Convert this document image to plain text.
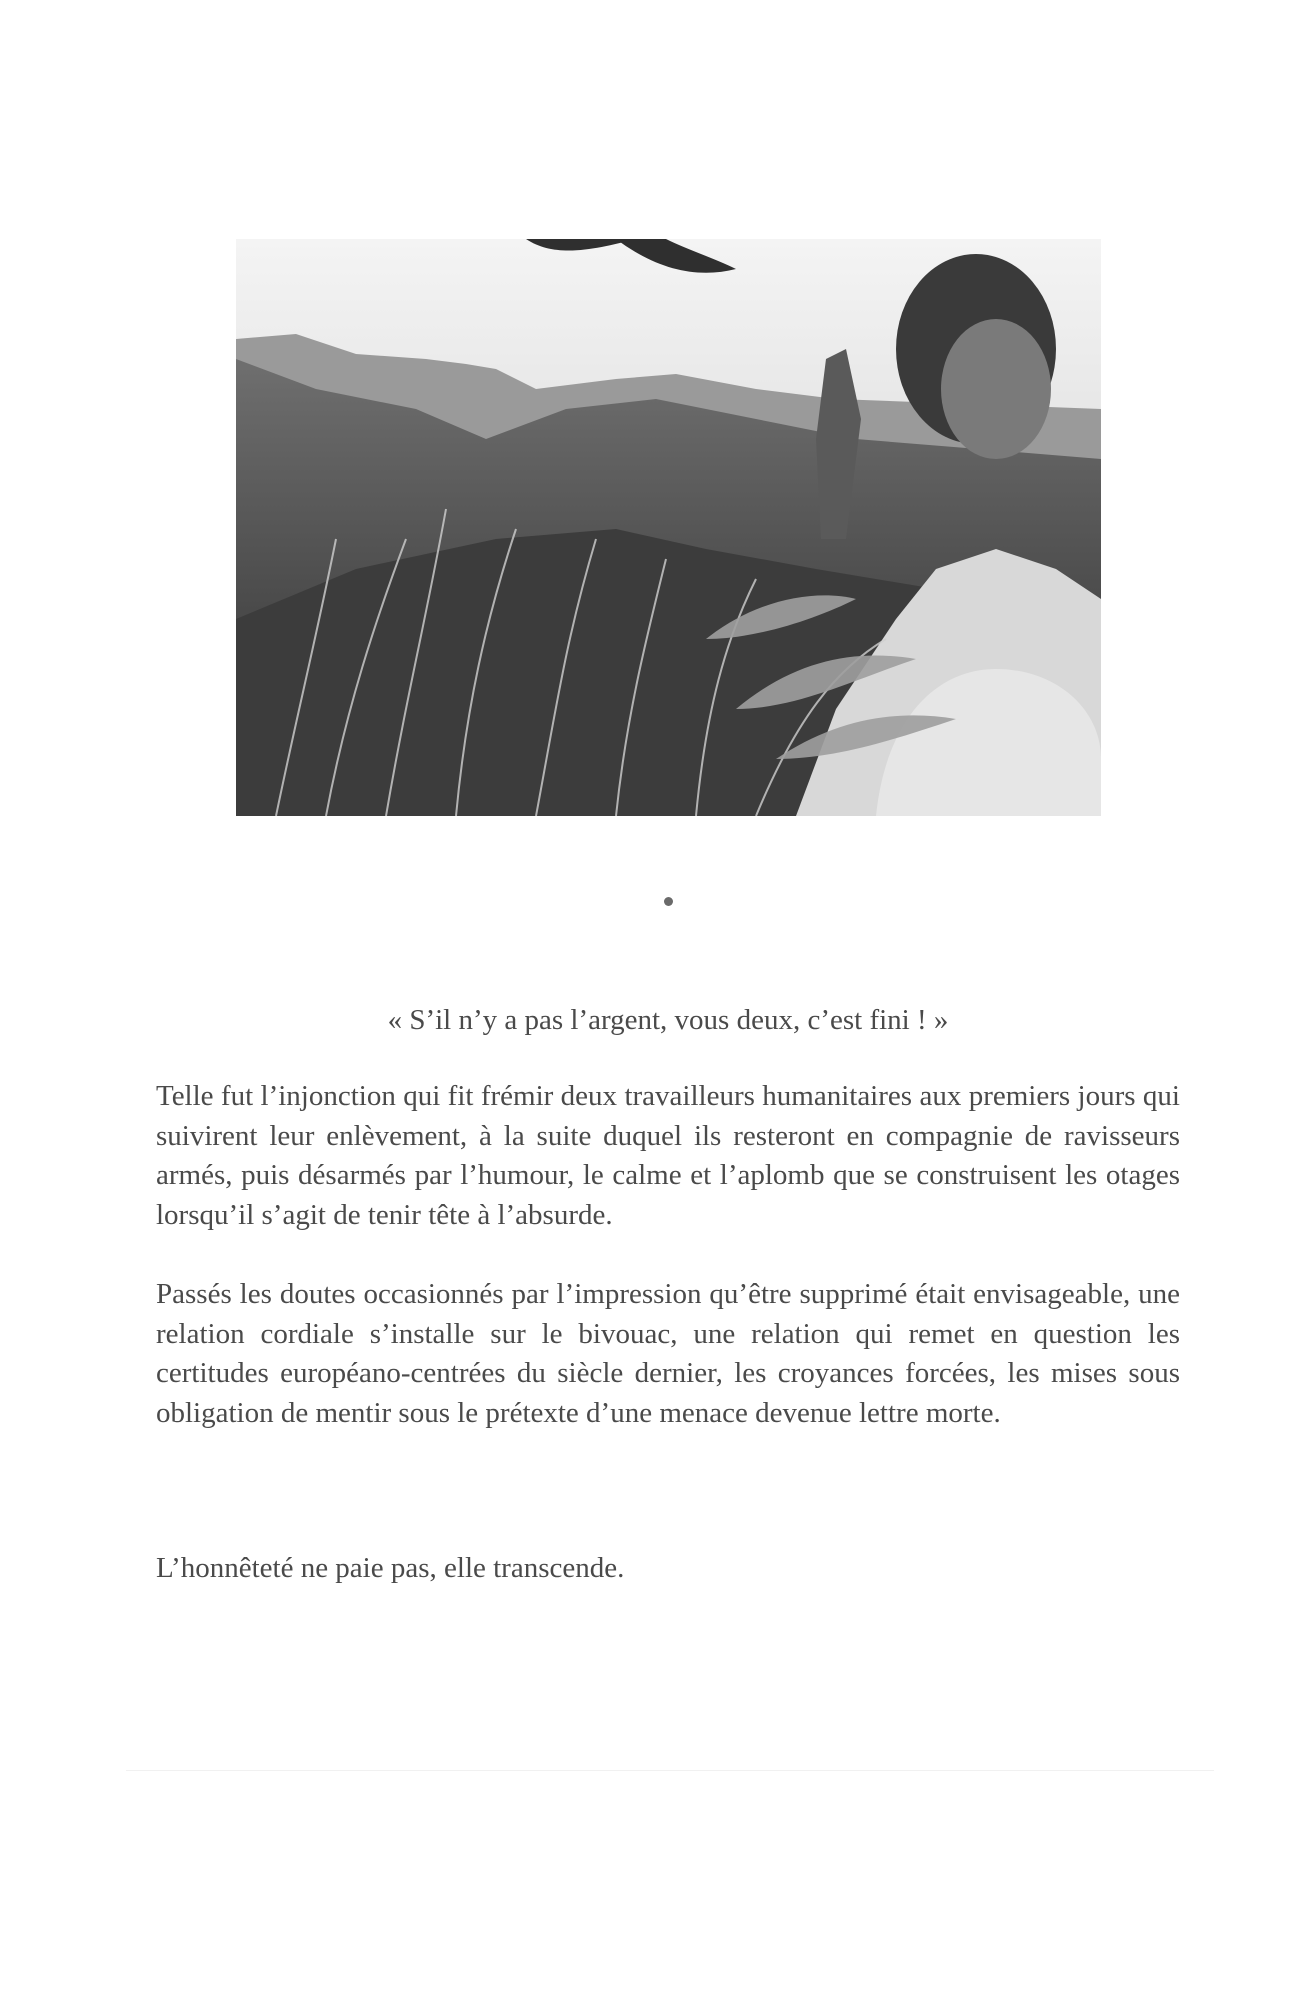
« S’il n’y a pas l’argent, vous deux, c’est fini ! »

Telle fut l’injonction qui fit frémir deux travailleurs humanitaires aux premiers jours qui suivirent leur enlèvement, à la suite duquel ils resteront en compagnie de ravisseurs armés, puis désarmés par l’humour, le calme et l’aplomb que se construisent les otages lorsqu’il s’agit de tenir tête à l’absurde.

Passés les doutes occasionnés par l’impression qu’être supprimé était envisageable, une relation cordiale s’installe sur le bivouac, une relation qui remet en question les certitudes européano-centrées du siècle dernier, les croyances forcées, les mises sous obligation de mentir sous le prétexte d’une menace devenue lettre morte.

L’honnêteté ne paie pas, elle transcende.
